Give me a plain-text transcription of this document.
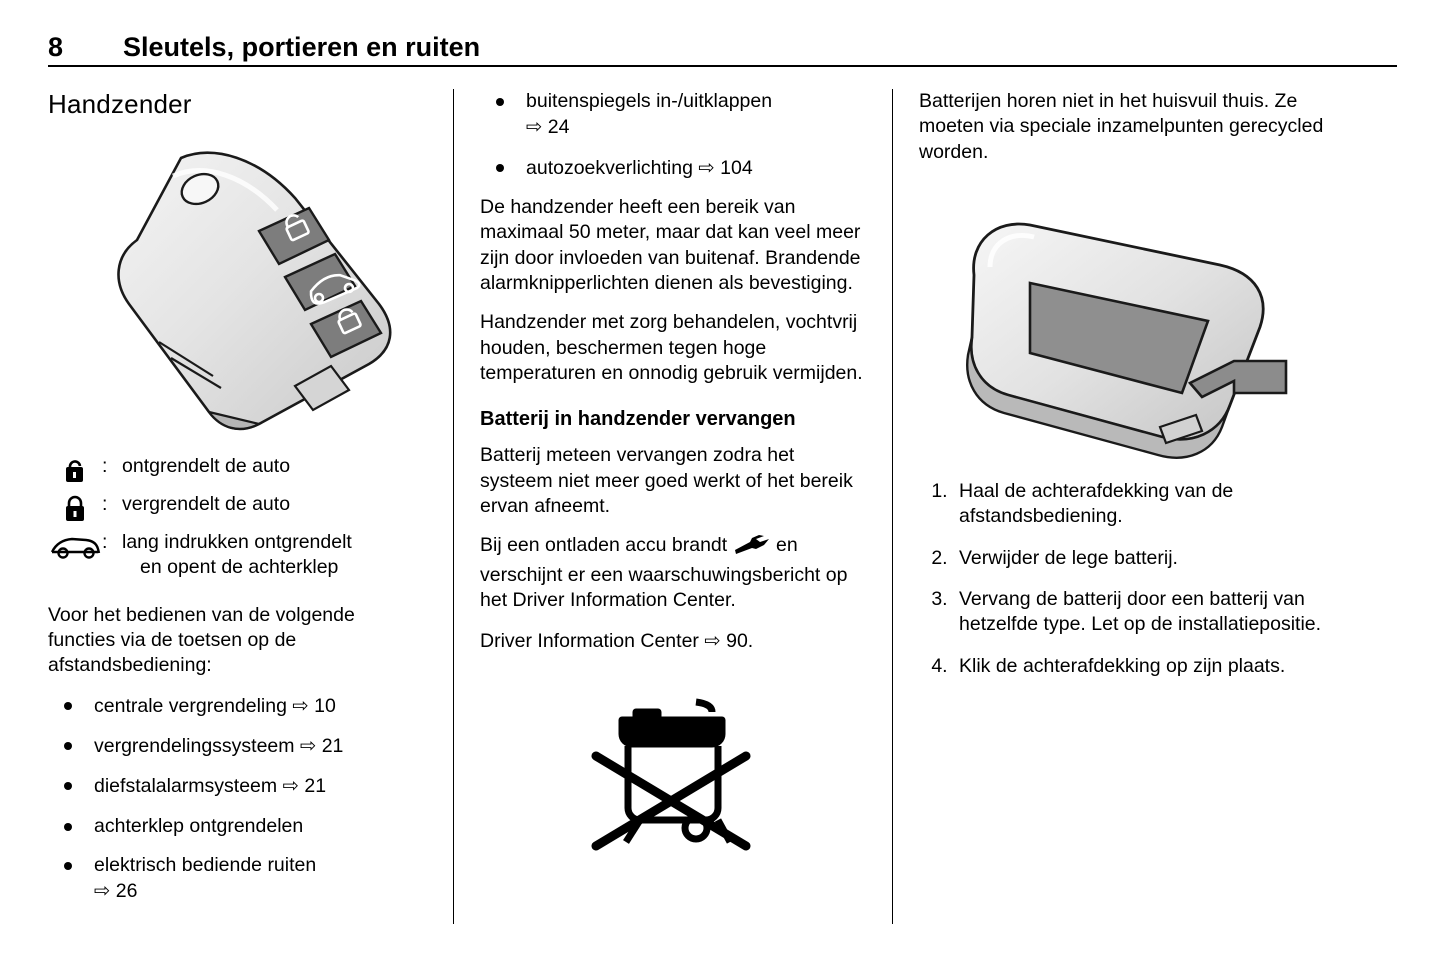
8 Sleutels, portieren en ruiten
Handzender
: ontgrendelt de auto
: vergrendelt de auto
: lang indrukken ontgrendelt
en opent de achterklep

Voor het bedienen van de volgende functies via de toetsen op de afstandsbediening:

centrale vergrendeling ⇨ 10
vergrendelingssysteem ⇨ 21
diefstalalarmsysteem ⇨ 21
achterklep ontgrendelen
elektrisch bediende ruiten
⇨ 26
buitenspiegels in-/uitklappen
⇨ 24
autozoekverlichting ⇨ 104

De handzender heeft een bereik van maximaal 50 meter, maar dat kan veel meer zijn door invloeden van buitenaf. Brandende alarmknipperlichten dienen als bevestiging.

Handzender met zorg behandelen, vochtvrij houden, beschermen tegen hoge temperaturen en onnodig gebruik vermijden.

Batterij in handzender vervangen

Batterij meteen vervangen zodra het systeem niet meer goed werkt of het bereik ervan afneemt.

Bij een ontladen accu brandt	en verschijnt er een waarschuwingsbericht op het Driver Information Center.

Driver Information Center ⇨ 90.

Batterijen horen niet in het huisvuil thuis. Ze moeten via speciale inzamelpunten gerecycled worden.

1. Haal de achterafdekking van de afstandsbediening.
2. Verwijder de lege batterij.
3. Vervang de batterij door een batterij van hetzelfde type. Let op de installatiepositie.
4. Klik de achterafdekking op zijn plaats.
